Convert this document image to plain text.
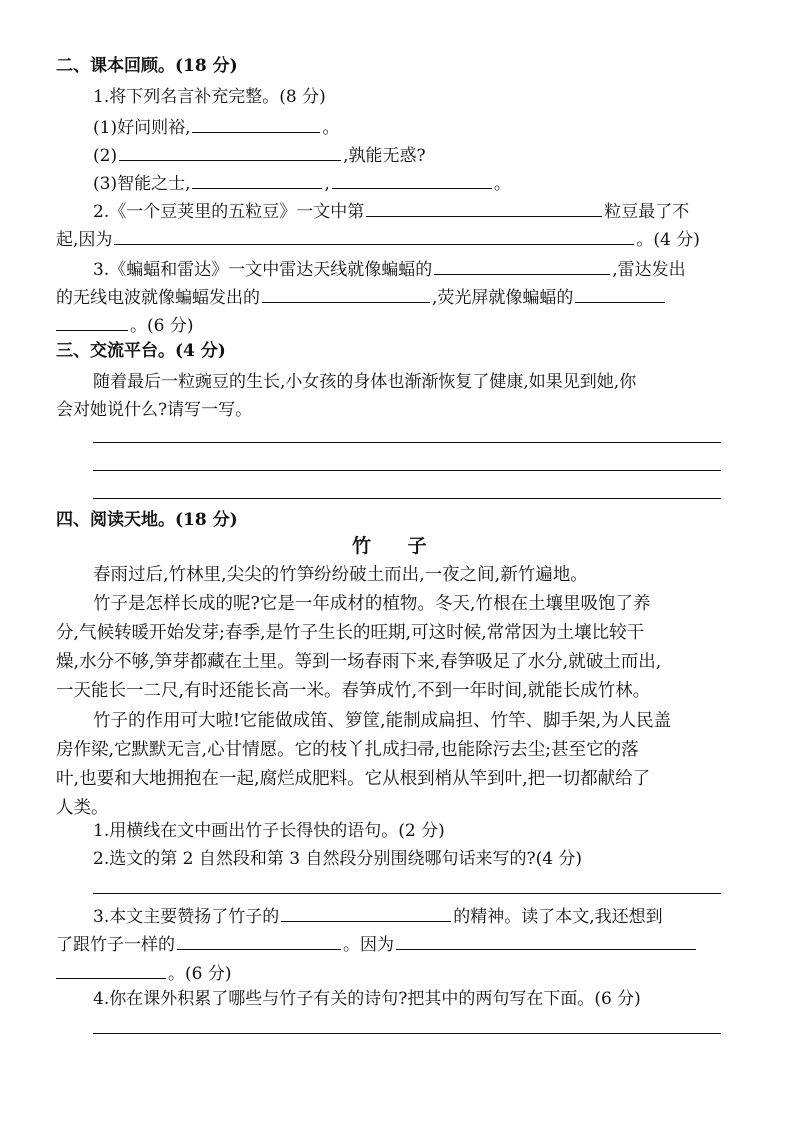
二、课本回顾。(18 分)
1.将下列名言补充完整。(8 分)
(1)好问则裕,	。
(2)	,孰能无惑?
(3)智能之士,	,	。
2.《一个豆荚里的五粒豆》一文中第	粒豆最了不
起,因为	。(4 分)
3.《蝙蝠和雷达》一文中雷达天线就像蝙蝠的	,雷达发出
的无线电波就像蝙蝠发出的	,荧光屏就像蝙蝠的
。(6 分)
三、交流平台。(4 分)
随着最后一粒豌豆的生长,小女孩的身体也渐渐恢复了健康,如果见到她,你
会对她说什么?请写一写。
四、阅读天地。(18 分)
竹    子
春雨过后,竹林里,尖尖的竹笋纷纷破土而出,一夜之间,新竹遍地。
竹子是怎样长成的呢?它是一年成材的植物。冬天,竹根在土壤里吸饱了养
分,气候转暖开始发芽;春季,是竹子生长的旺期,可这时候,常常因为土壤比较干
燥,水分不够,笋芽都藏在土里。等到一场春雨下来,春笋吸足了水分,就破土而出,
一天能长一二尺,有时还能长高一米。春笋成竹,不到一年时间,就能长成竹林。
竹子的作用可大啦!它能做成笛、箩筐,能制成扁担、竹竿、脚手架,为人民盖
房作梁,它默默无言,心甘情愿。它的枝丫扎成扫帚,也能除污去尘;甚至它的落
叶,也要和大地拥抱在一起,腐烂成肥料。它从根到梢从竿到叶,把一切都献给了
人类。
1.用横线在文中画出竹子长得快的语句。(2 分)
2.选文的第 2 自然段和第 3 自然段分别围绕哪句话来写的?(4 分)
3.本文主要赞扬了竹子的	的精神。读了本文,我还想到
了跟竹子一样的	。因为
。(6 分)
4.你在课外积累了哪些与竹子有关的诗句?把其中的两句写在下面。(6 分)
